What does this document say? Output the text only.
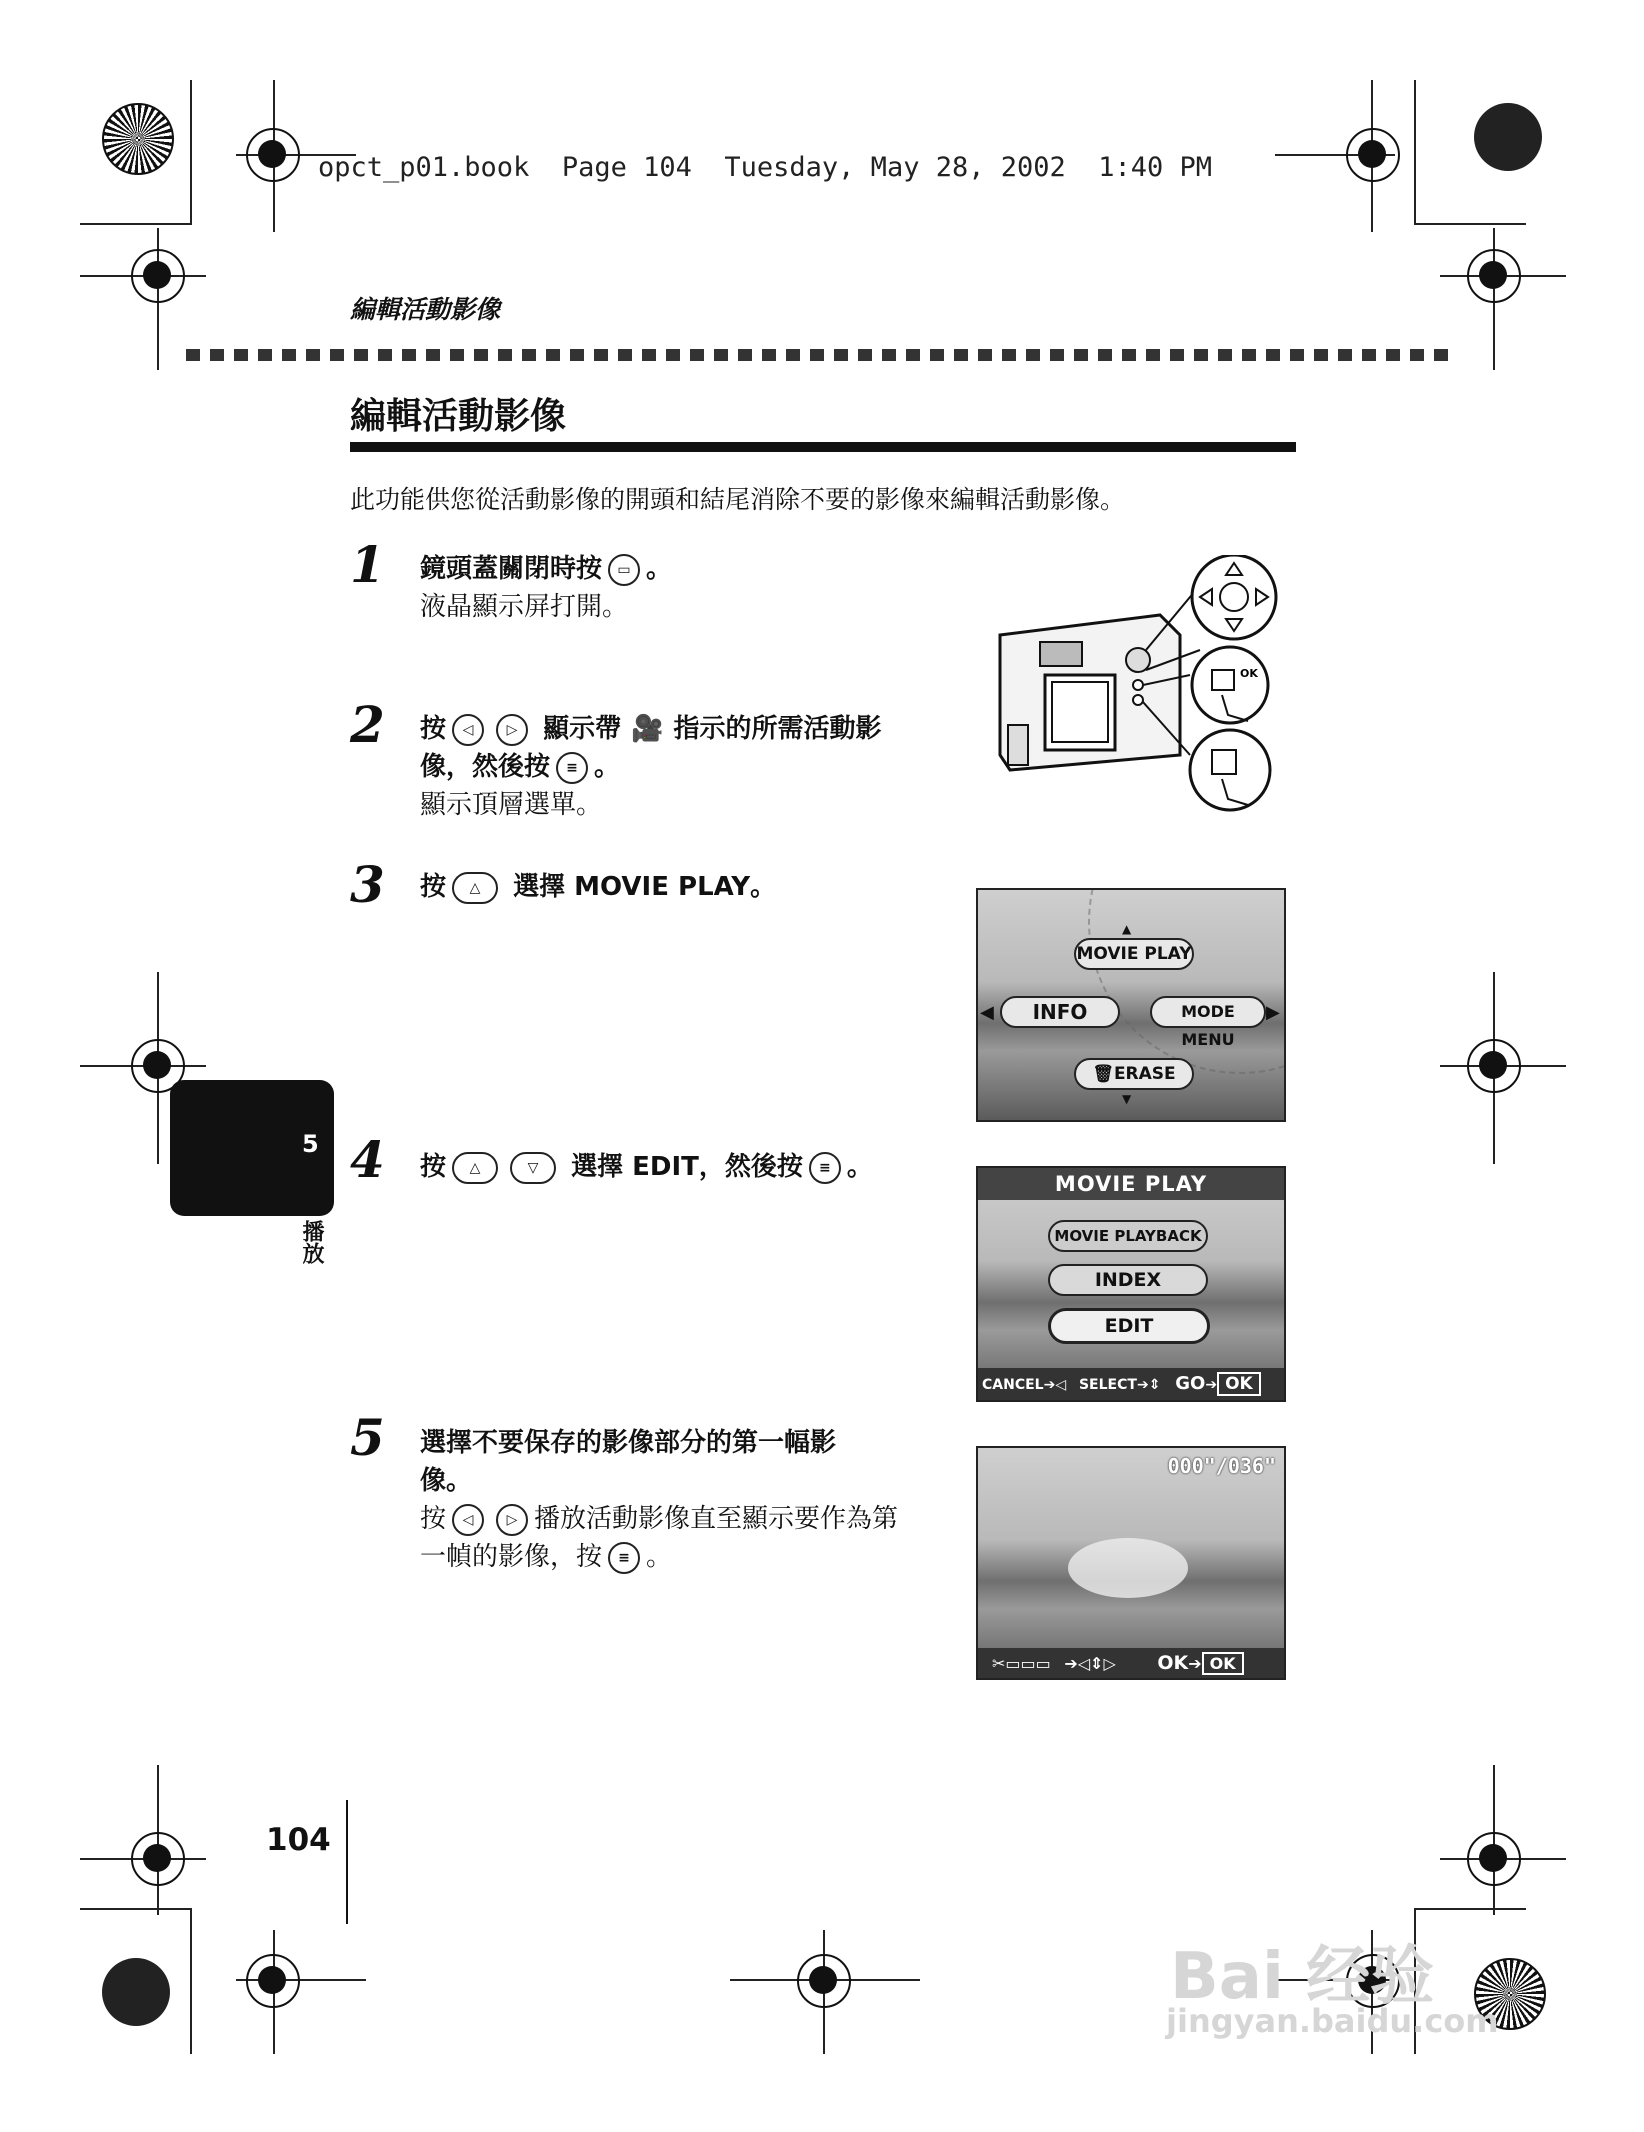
opct_p01.book  Page 104  Tuesday, May 28, 2002  1:40 PM
編輯活動影像
編輯活動影像
此功能供您從活動影像的開頭和結尾消除不要的影像來編輯活動影像。
1 鏡頭蓋關閉時按 ▭ 。
液晶顯示屏打開。
2 按 ◁ ▷ 顯示帶 🎥 指示的所需活動影
像，然後按 ≡ 。
顯示頂層選單。
OK
3 按 △ 選擇 MOVIE PLAY。
▲
MOVIE PLAY
◀	INFO	MODE MENU
▶
🗑ERASE
▼
5
播放
4 按 △	▽ 選擇 EDIT，然後按 ≡ 。
MOVIE PLAY
MOVIE PLAYBACK
INDEX
EDIT
CANCEL➔◁ SELECT➔⇕ GO➔ OK
5 選擇不要保存的影像部分的第一幅影
像。
按 ◁ ▷ 播放活動影像直至顯示要作為第
一幀的影像，按 ≡ 。
000"/036"
✂▭▭▭ ➔◁⇕▷ OK➔ OK
104
Bai 经验
jingyan.baidu.com
